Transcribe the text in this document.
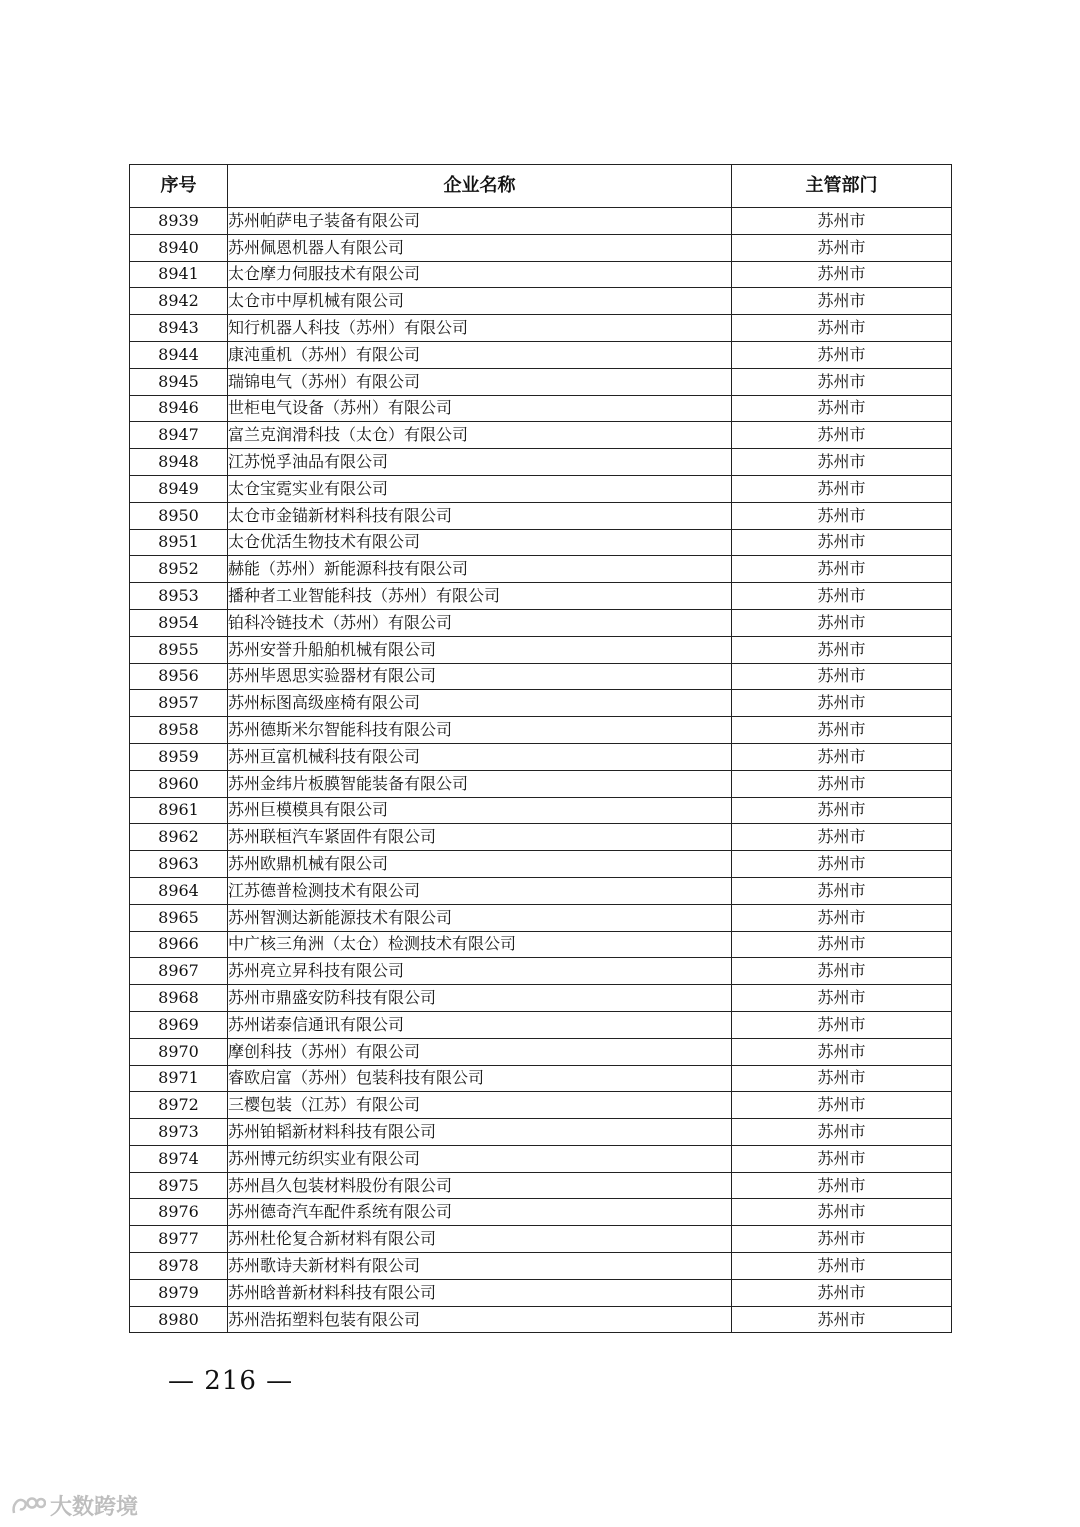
序号	企业名称	主管部门
8939	苏州帕萨电子装备有限公司	苏州市
8940	苏州佩恩机器人有限公司	苏州市
8941	太仓摩力伺服技术有限公司	苏州市
8942	太仓市中厚机械有限公司	苏州市
8943	知行机器人科技（苏州）有限公司	苏州市
8944	康沌重机（苏州）有限公司	苏州市
8945	瑞锦电气（苏州）有限公司	苏州市
8946	世柜电气设备（苏州）有限公司	苏州市
8947	富兰克润滑科技（太仓）有限公司	苏州市
8948	江苏悦孚油品有限公司	苏州市
8949	太仓宝霓实业有限公司	苏州市
8950	太仓市金锚新材料科技有限公司	苏州市
8951	太仓优活生物技术有限公司	苏州市
8952	赫能（苏州）新能源科技有限公司	苏州市
8953	播种者工业智能科技（苏州）有限公司	苏州市
8954	铂科冷链技术（苏州）有限公司	苏州市
8955	苏州安誉升船舶机械有限公司	苏州市
8956	苏州毕恩思实验器材有限公司	苏州市
8957	苏州标图高级座椅有限公司	苏州市
8958	苏州德斯米尔智能科技有限公司	苏州市
8959	苏州亘富机械科技有限公司	苏州市
8960	苏州金纬片板膜智能装备有限公司	苏州市
8961	苏州巨模模具有限公司	苏州市
8962	苏州联桓汽车紧固件有限公司	苏州市
8963	苏州欧鼎机械有限公司	苏州市
8964	江苏德普检测技术有限公司	苏州市
8965	苏州智测达新能源技术有限公司	苏州市
8966	中广核三角洲（太仓）检测技术有限公司	苏州市
8967	苏州亮立昇科技有限公司	苏州市
8968	苏州市鼎盛安防科技有限公司	苏州市
8969	苏州诺泰信通讯有限公司	苏州市
8970	摩创科技（苏州）有限公司	苏州市
8971	睿欧启富（苏州）包装科技有限公司	苏州市
8972	三樱包装（江苏）有限公司	苏州市
8973	苏州铂韬新材料科技有限公司	苏州市
8974	苏州博元纺织实业有限公司	苏州市
8975	苏州昌久包装材料股份有限公司	苏州市
8976	苏州德奇汽车配件系统有限公司	苏州市
8977	苏州杜伦复合新材料有限公司	苏州市
8978	苏州歌诗夫新材料有限公司	苏州市
8979	苏州晗普新材料科技有限公司	苏州市
8980	苏州浩拓塑料包装有限公司	苏州市
— 216 —
大数跨境
